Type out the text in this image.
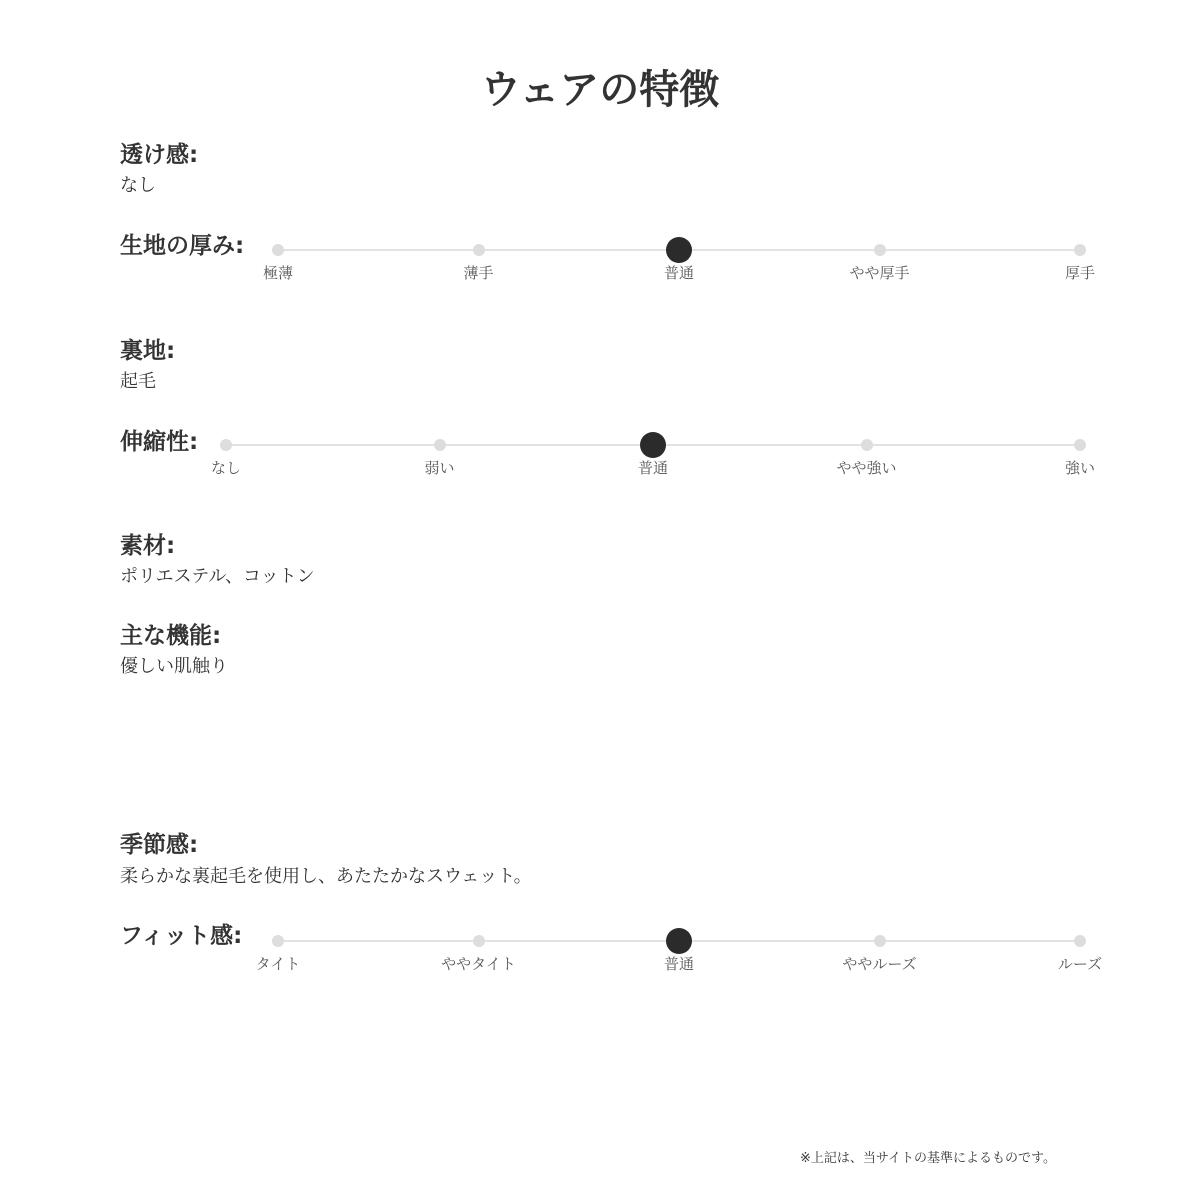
ウェアの特徴
透け感:
なし
生地の厚み:
極薄	薄手	普通	やや厚手	厚手
裏地:
起毛
伸縮性:
なし	弱い	普通	やや強い	強い
素材:
ポリエステル、コットン
主な機能:
優しい肌触り
季節感:
柔らかな裏起毛を使用し、あたたかなスウェット。
フィット感:
タイト	ややタイト	普通	ややルーズ	ルーズ
※上記は、当サイトの基準によるものです。
